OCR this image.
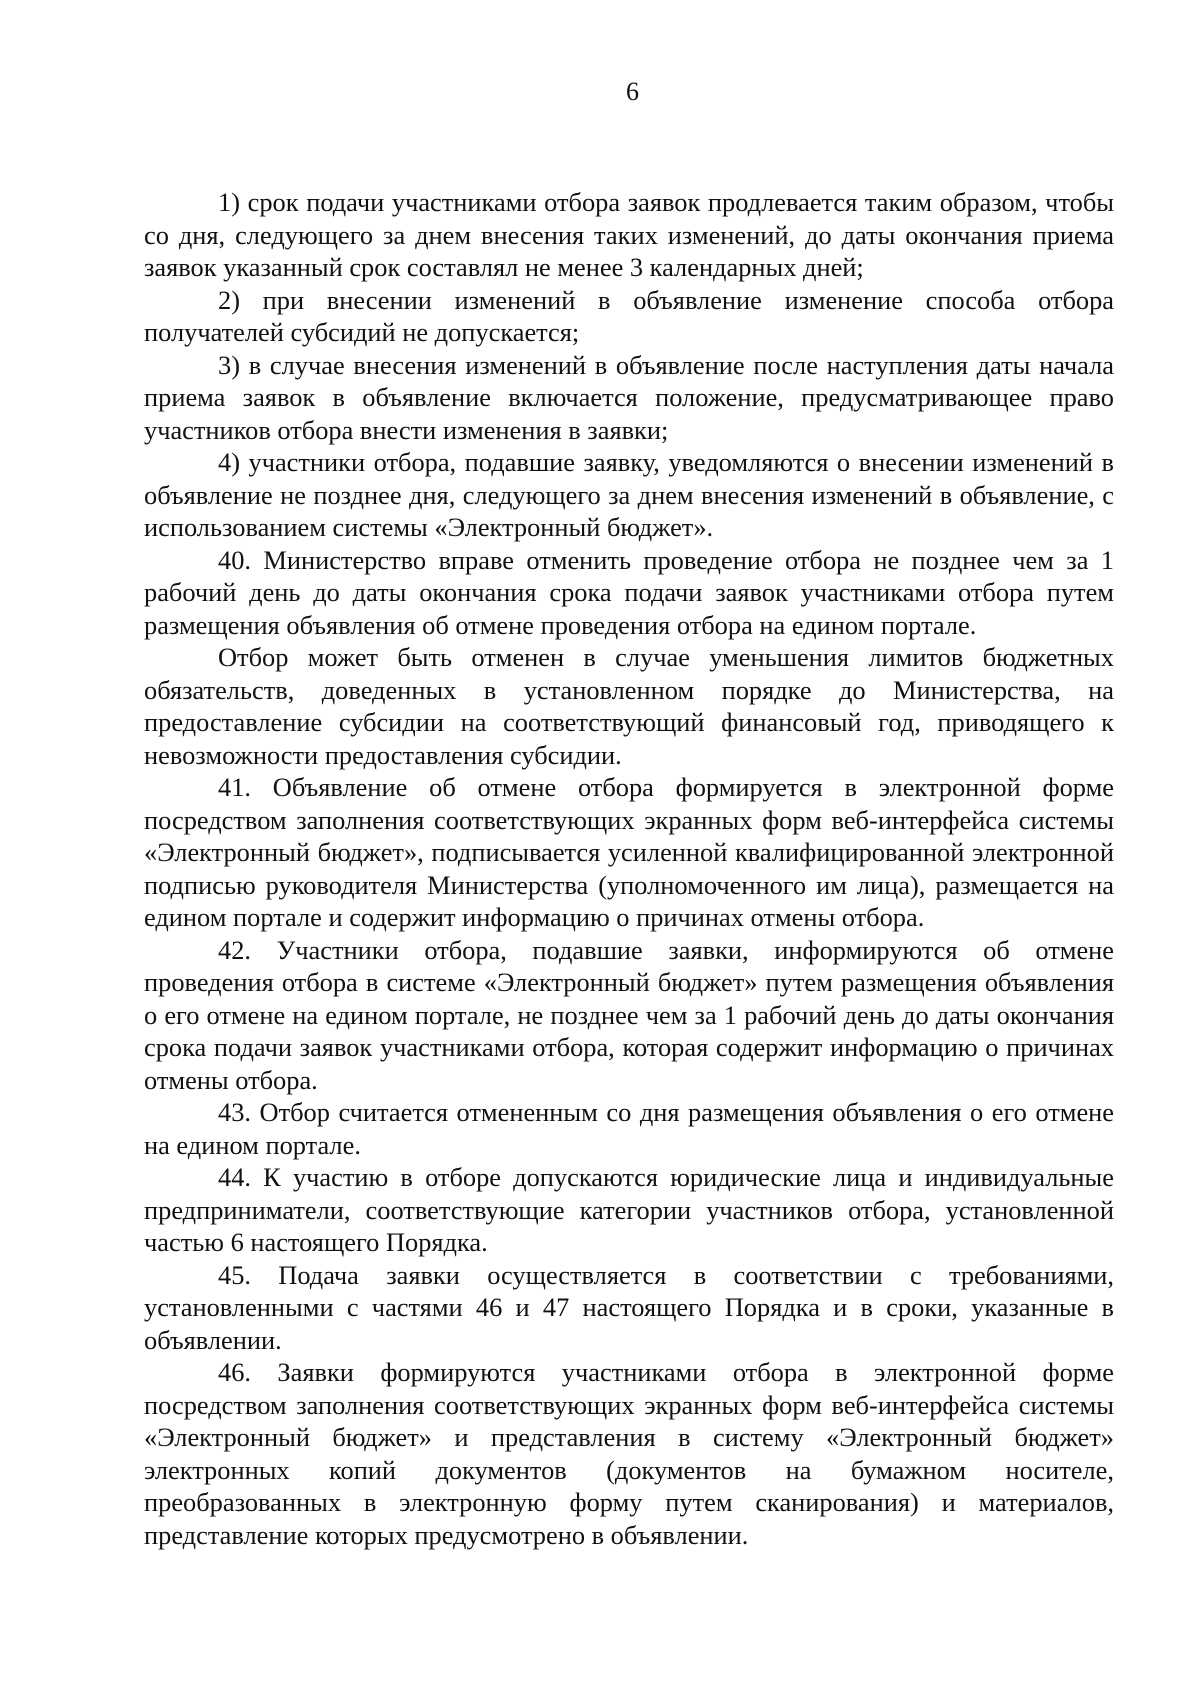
6

1) срок подачи участниками отбора заявок продлевается таким образом, чтобы со дня, следующего за днем внесения таких изменений, до даты окончания приема заявок указанный срок составлял не менее 3 календарных дней;

2) при внесении изменений в объявление изменение способа отбора получателей субсидий не допускается;

3) в случае внесения изменений в объявление после наступления даты начала приема заявок в объявление включается положение, предусматривающее право участников отбора внести изменения в заявки;

4) участники отбора, подавшие заявку, уведомляются о внесении изменений в объявление не позднее дня, следующего за днем внесения изменений в объявление, с использованием системы «Электронный бюджет».

40. Министерство вправе отменить проведение отбора не позднее чем за 1 рабочий день до даты окончания срока подачи заявок участниками отбора путем размещения объявления об отмене проведения отбора на едином портале.

Отбор может быть отменен в случае уменьшения лимитов бюджетных обязательств, доведенных в установленном порядке до Министерства, на предоставление субсидии на соответствующий финансовый год, приводящего к невозможности предоставления субсидии.

41. Объявление об отмене отбора формируется в электронной форме посредством заполнения соответствующих экранных форм веб-интерфейса системы «Электронный бюджет», подписывается усиленной квалифицированной электронной подписью руководителя Министерства (уполномоченного им лица), размещается на едином портале и содержит информацию о причинах отмены отбора.

42. Участники отбора, подавшие заявки, информируются об отмене проведения отбора в системе «Электронный бюджет» путем размещения объявления о его отмене на едином портале, не позднее чем за 1 рабочий день до даты окончания срока подачи заявок участниками отбора, которая содержит информацию о причинах отмены отбора.

43. Отбор считается отмененным со дня размещения объявления о его отмене на едином портале.

44. К участию в отборе допускаются юридические лица и индивидуальные предприниматели, соответствующие категории участников отбора, установленной частью 6 настоящего Порядка.

45. Подача заявки осуществляется в соответствии с требованиями, установленными с частями 46 и 47 настоящего Порядка и в сроки, указанные в объявлении.

46. Заявки формируются участниками отбора в электронной форме посредством заполнения соответствующих экранных форм веб-интерфейса системы «Электронный бюджет» и представления в систему «Электронный бюджет» электронных копий документов (документов на бумажном носителе, преобразованных в электронную форму путем сканирования) и материалов, представление которых предусмотрено в объявлении.
